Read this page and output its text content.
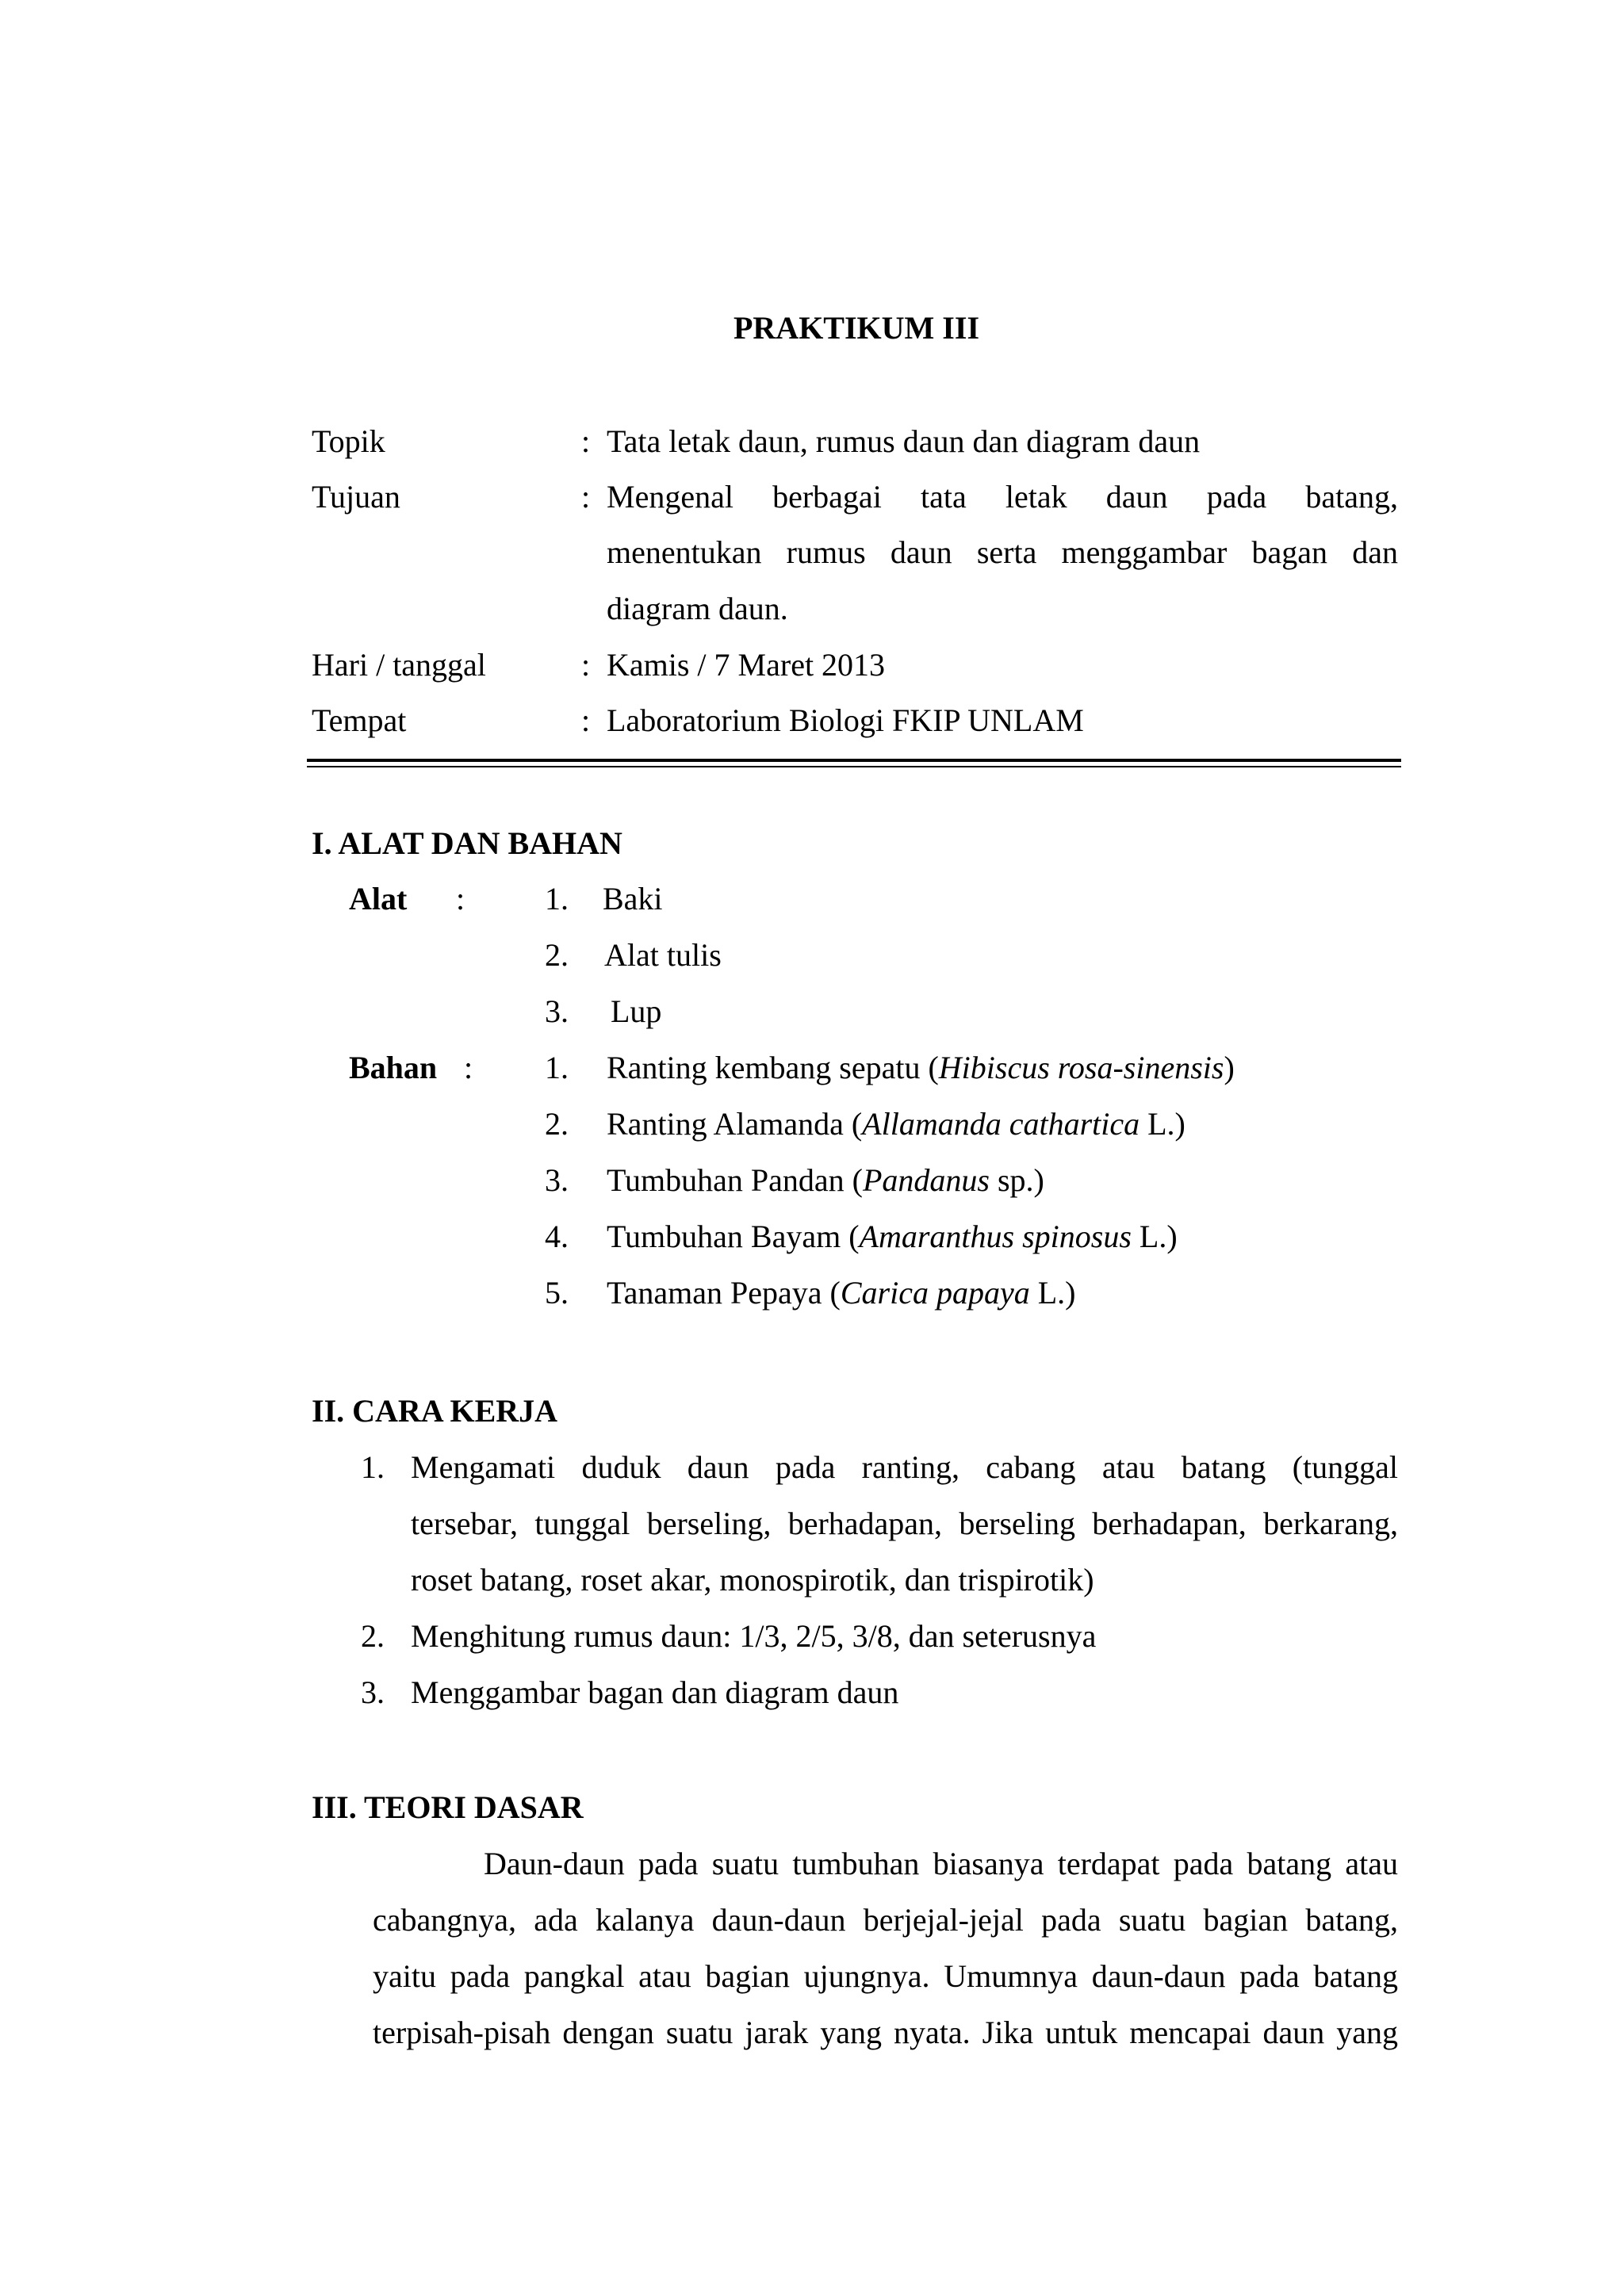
PRAKTIKUM III
Topik	: Tata letak daun, rumus daun dan diagram daun
Tujuan	: Mengenal berbagai tata letak daun pada batang,
menentukan rumus daun serta menggambar bagan dan
diagram daun.
Hari / tanggal	: Kamis / 7 Maret 2013
Tempat	: Laboratorium Biologi FKIP UNLAM
I. ALAT DAN BAHAN
Alat :	1. Baki
2. Alat tulis
3. Lup
Bahan : 1. Ranting kembang sepatu (Hibiscus rosa-sinensis)
2. Ranting Alamanda (Allamanda cathartica L.)
3. Tumbuhan Pandan (Pandanus sp.)
4. Tumbuhan Bayam (Amaranthus spinosus L.)
5. Tanaman Pepaya (Carica papaya L.)
II. CARA KERJA
1. Mengamati duduk daun pada ranting, cabang atau batang (tunggal
tersebar, tunggal berseling, berhadapan, berseling berhadapan, berkarang,
roset batang, roset akar, monospirotik, dan trispirotik)
2. Menghitung rumus daun: 1/3, 2/5, 3/8, dan seterusnya
3. Menggambar bagan dan diagram daun
III. TEORI DASAR
Daun-daun pada suatu tumbuhan biasanya terdapat pada batang atau
cabangnya, ada kalanya daun-daun berjejal-jejal pada suatu bagian batang,
yaitu pada pangkal atau bagian ujungnya. Umumnya daun-daun pada batang
terpisah-pisah dengan suatu jarak yang nyata. Jika untuk mencapai daun yang
